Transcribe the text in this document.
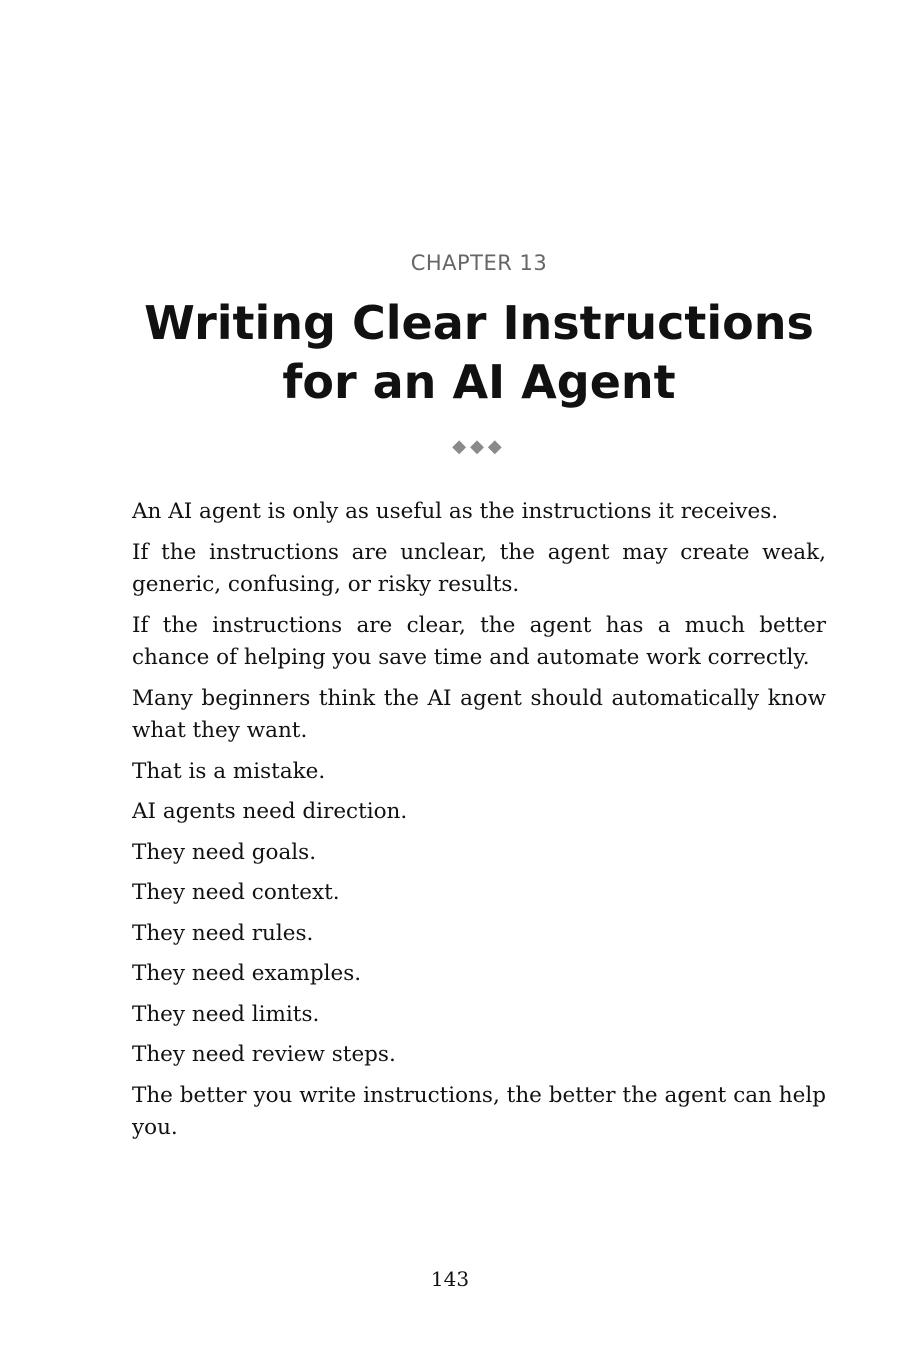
CHAPTER 13
Writing Clear Instructions
for an AI Agent
◆◆◆

An AI agent is only as useful as the instructions it receives.

If the instructions are unclear, the agent may create weak, generic, confusing, or risky results.

If the instructions are clear, the agent has a much better chance of helping you save time and automate work correctly.

Many beginners think the AI agent should automatically know what they want.

That is a mistake.

AI agents need direction.

They need goals.

They need context.

They need rules.

They need examples.

They need limits.

They need review steps.

The better you write instructions, the better the agent can help you.

143
